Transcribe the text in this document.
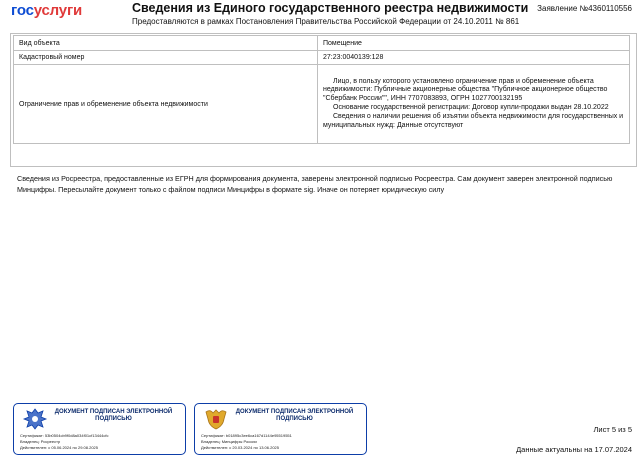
госуслуги	Сведения из Единого государственного реестра недвижимости
Предоставляются в рамках Постановления Правительства Российской Федерации от 24.10.2011 № 861
Заявление №4360110556
Вид объекта	Помещение
Кадастровый номер	27:23:0040139:128
Ограничение прав и обременение объекта недвижимости	Лицо, в пользу которого установлено ограничение прав и обременение объекта недвижимости: Публичные акционерные общества "Публичное акционерное общество "Сбербанк России"", ИНН 7707083893, ОГРН 1027700132195
Основание государственной регистрации: Договор купли-продажи выдан 28.10.2022
Сведения о наличии решения об изъятии объекта недвижимости для государственных и муниципальных нужд: Данные отсутствуют
Сведения из Росреестра, предоставленные из ЕГРН для формирования документа, заверены электронной подписью Росреестра. Сам документ заверен электронной подписью Минцифры. Пересылайте документ только с файлом подписи Минцифры в формате sig. Иначе он потеряет юридическую силу
ДОКУМЕНТ ПОДПИСАН ЭЛЕКТРОННОЙ ПОДПИСЬЮ
Сертификат: 53b0504cb9f0d8a034f01cf13444cfc
Владелец: Росреестр
Действителен: с 05.06.2024 по 29.08.2025
ДОКУМЕНТ ПОДПИСАН ЭЛЕКТРОННОЙ ПОДПИСЬЮ
Сертификат: b01895c3ee6ca167d1144e95519551
Владелец: Минцифры России
Действителен: с 20.03.2024 по 13.06.2025
Лист 5 из 5
Данные актуальны на 17.07.2024
